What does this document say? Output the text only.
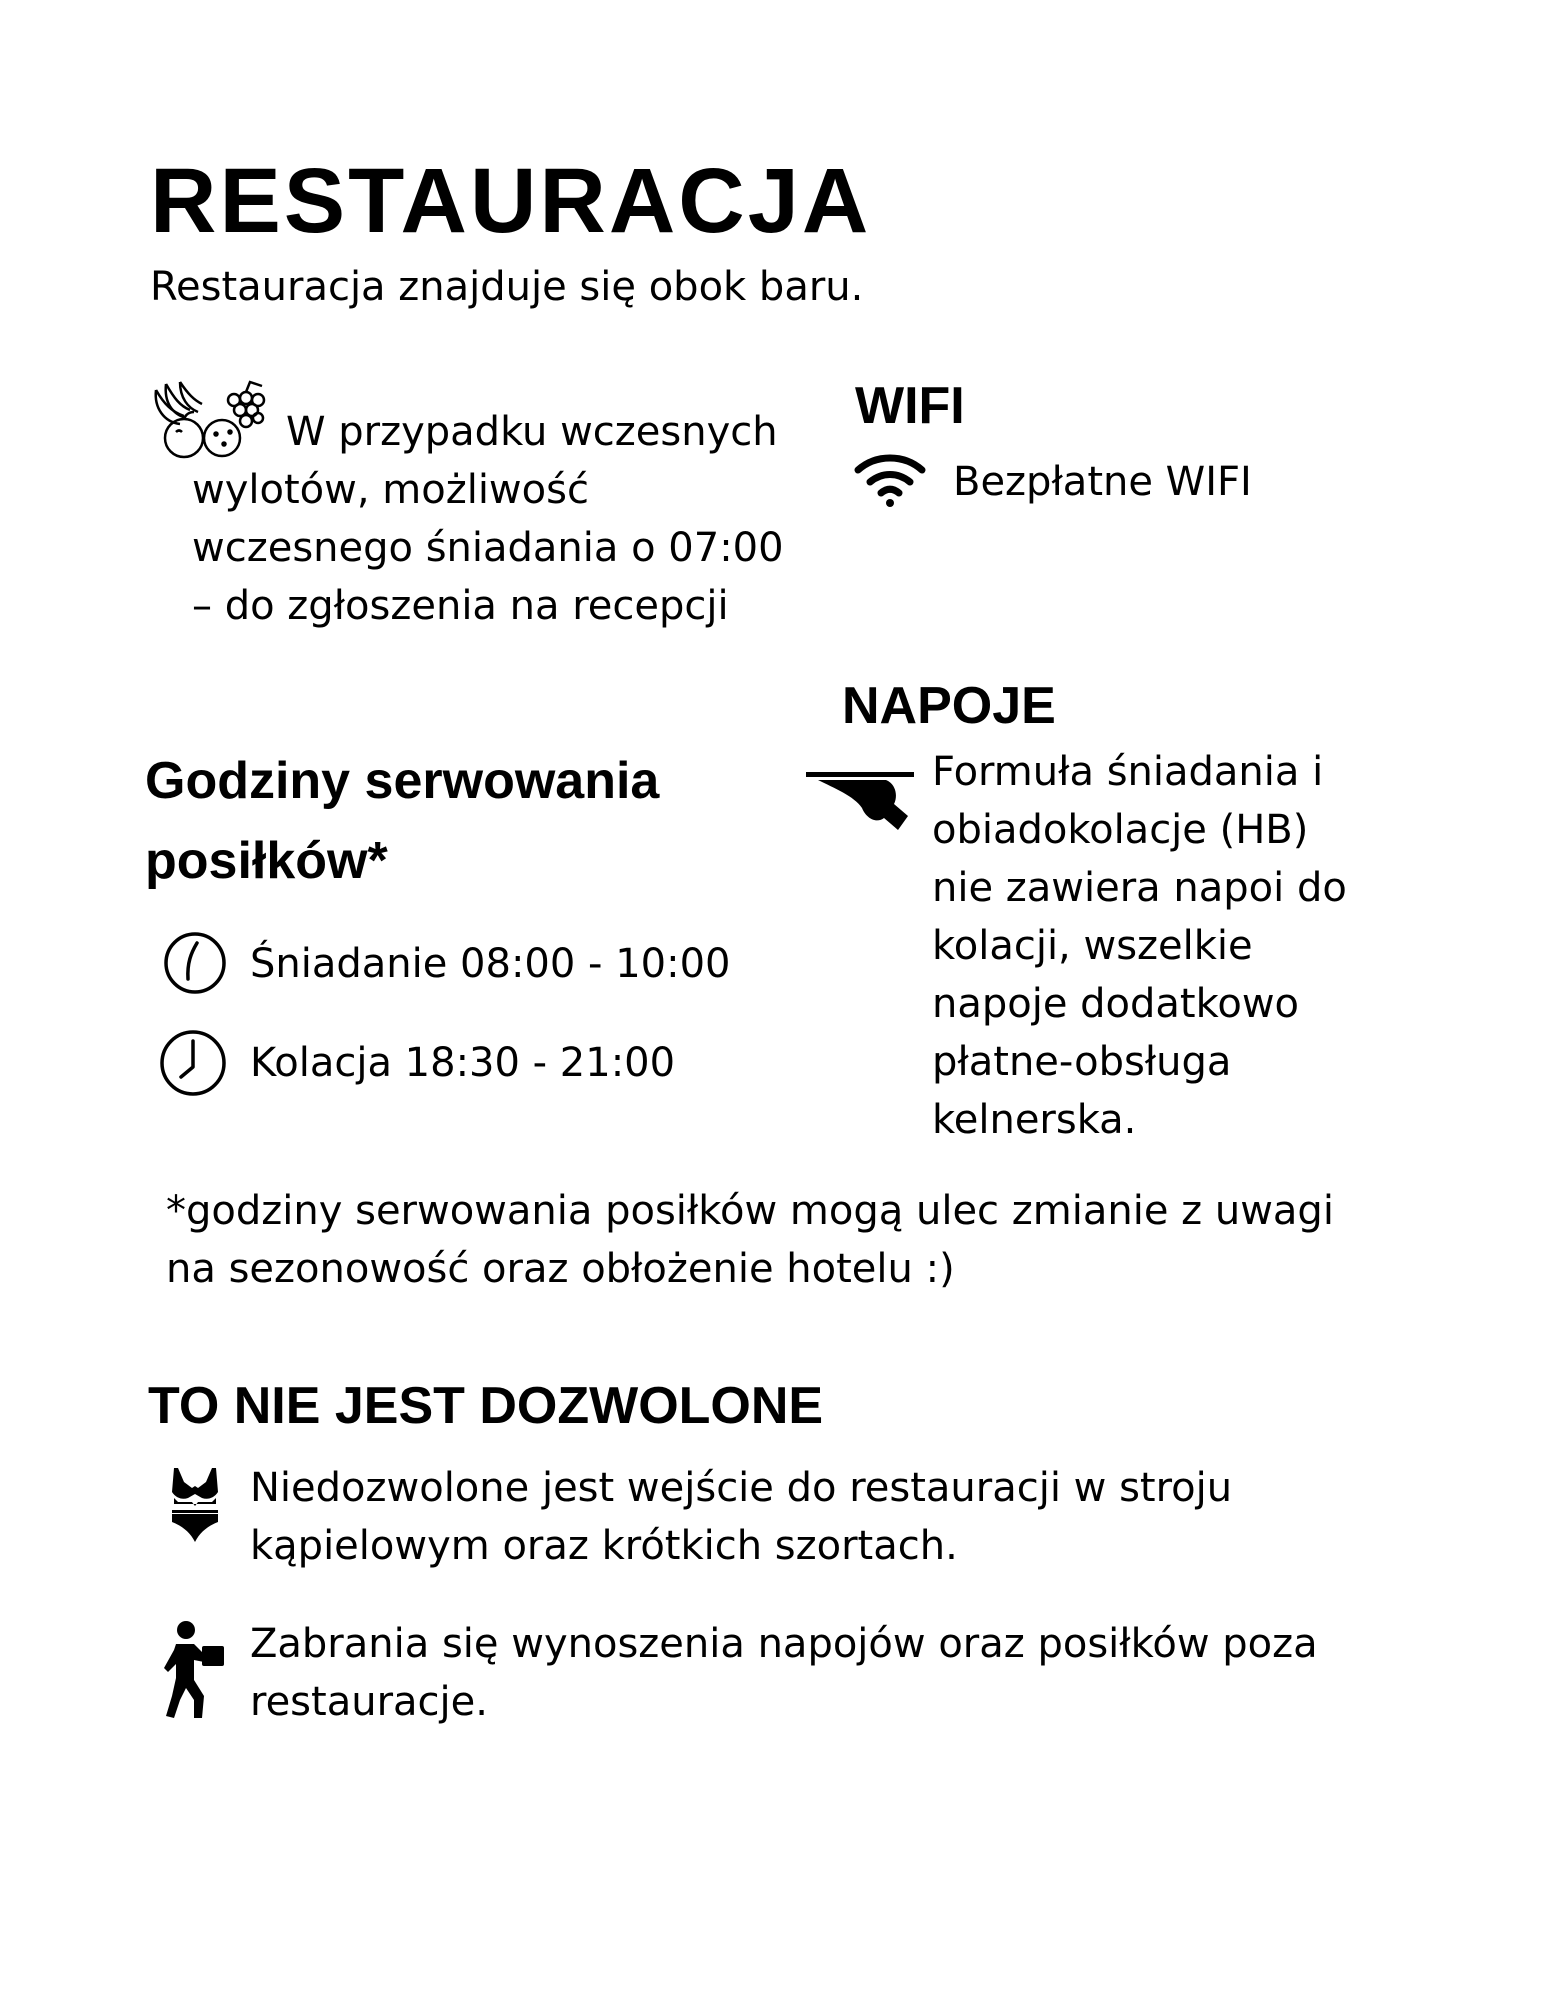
RESTAURACJA
Restauracja znajduje się obok baru.
W przypadku wczesnych
wylotów, możliwość
wczesnego śniadania o 07:00
– do zgłoszenia na recepcji
WIFI
Bezpłatne WIFI
NAPOJE
Formuła śniadania i
obiadokolacje (HB)
nie zawiera napoi do
kolacji, wszelkie
napoje dodatkowo
płatne-obsługa
kelnerska.
Godziny serwowania
posiłków*
Śniadanie 08:00 - 10:00
Kolacja 18:30 - 21:00
*godziny serwowania posiłków mogą ulec zmianie z uwagi
na sezonowość oraz obłożenie hotelu :)
TO NIE JEST DOZWOLONE
Niedozwolone jest wejście do restauracji w stroju
kąpielowym oraz krótkich szortach.
Zabrania się wynoszenia napojów oraz posiłków poza
restauracje.
